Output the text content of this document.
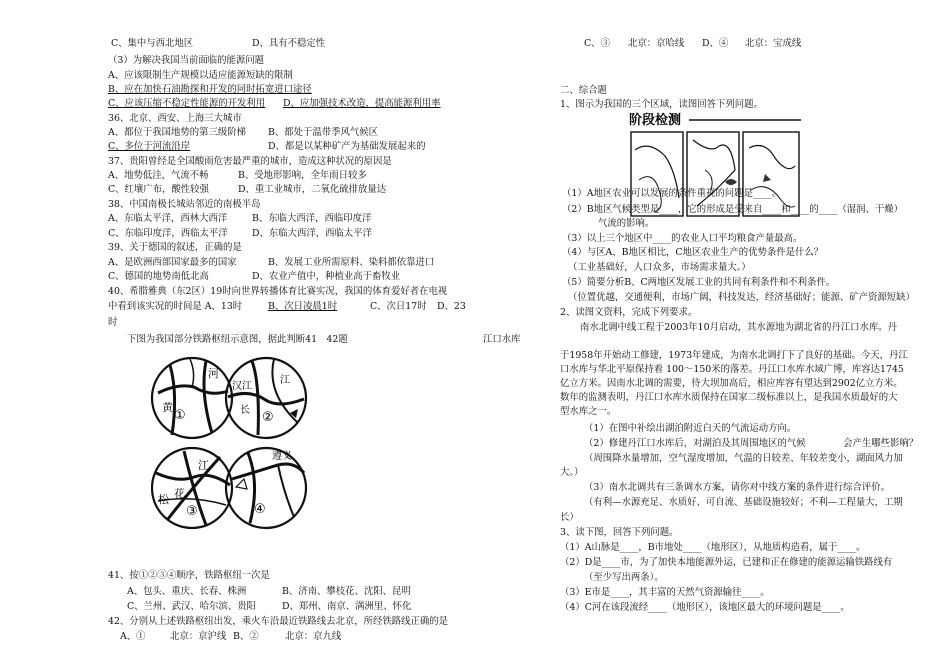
C、集中与西北地区	D、具有不稳定性
（3）为解决我国当前面临的能源问题
A、应该限制生产规模以适应能源短缺的限制
B、应在加快石油勘探和开发的同时拓宽进口途径
C、应该压缩不稳定性能源的开发利用 D、应加强技术改造，提高能源利用率
36、北京、西安、上海三大城市
A、都位于我国地势的第三级阶梯 B、都处于温带季风气候区
C、多位于河流沿岸	D、都是以某种矿产为基础发展起来的
37、贵阳曾经是全国酸雨危害最严重的城市，造成这种状况的原因是
A、地势低洼，气流不畅	B、受地形影响，全年雨日较多
C、红壤广布，酸性较强	D、重工业城市，二氧化硫排放量达
38、中国南极长城站邻近的南极半岛
A、东临太平洋，西林大西洋	B、东临大西洋，西临印度洋
C、东临印度洋，西临太平洋	D、东临大西洋，西临太平洋
39、关于德国的叙述，正确的是
A、是欧洲西部国家最多的国家	B、发展工业所需原料、染料都依靠进口
C、德国的地势南低北高	D、农业产值中，种植业高于畜牧业
40、希腊雅典（东2区）19时向世界转播体育比赛实况，我国的体育爱好者在电视
中看到该实况的时间是 A、13时	B、次日凌晨1时	C、次日17时 D、23
时
下图为我国部分铁路枢纽示意图，据此判断41　42题	江口水库
黄
河
①
汉江
江
长 ②
江
松 花
③
遵义
④
41、按①②③④顺序，铁路枢纽一次是
A、包头、重庆、长春、株洲	B、济南、攀枝花、沈阳、昆明
C、兰州、武汉、哈尔滨、贵阳	D、郑州、南京、满洲里、怀化
42、分别从上述铁路枢纽出发，乘火车沿最近铁路线去北京，所经铁路线正确的是
A、①	北京：京沪线 B、②	北京：京九线
C、③ 北京：京哈线 D、④ 北京：宝成线
二、综合题
1、图示为我国的三个区域，读图回答下列问题。
阶段检测
（1）A地区农业可以发展的条件重视的问题是____。
（2）B地区气候类型是____，它的形成是受来自____和____的____（湿润、干燥）
气流的影响。
（3）以上三个地区中____的农业人口平均粮食产量最高。
（4）与区A、B地区相比，C地区农业生产的优势条件是什么？
（工业基础好，人口众多，市场需求量大。）
（5）简要分析B、C两地区发展工业的共同有利条件和不利条件。
（位置优越，交通便利，市场广阔，科技发达，经济基础好；能源、矿产资源短缺）
2、读图文资料，完成下列要求。
南水北调中线工程于2003年10月启动，其水源地为湖北省的丹江口水库。丹
于1958年开始动工修建，1973年建成，为南水北调打下了良好的基础。今天，丹江
口水库与华北平原保持着 100～150米的落差。丹江口水库水域广博，库容达1745
亿立方米。因南水北调的需要，待大坝加高后，相应库容有望达到2902亿立方米。
数年的监测表明，丹江口水库水质保持在国家二级标准以上，是我国水质最好的大
型水库之一。
（1）在图中补绘出湖泊附近白天的气流运动方向。
（2）修建丹江口水库后，对湖泊及其周围地区的气候　　　　会产生哪些影响？
（周围降水量增加，空气湿度增加，气温的日较差、年较差变小，湖面风力加
大。）
（3）南水北调共有三条调水方案，请你对中线方案的条件进行综合评价。
（有利—水源充足、水质好、可自流、基础设施较好；不利—工程量大，工期
长）
3、读下图，回答下列问题。
（1）A山脉是____，B市地处____（地形区），从地质构造看，属于____。
（2）D是____市，为了加快本地能源外运，已建和正在修建的能源运输铁路线有
（至少写出两条）。
（3）E市是____，其丰富的天然气资源输往____。
（4）C河在该段流经____（地形区），该地区最大的环境问题是____。
